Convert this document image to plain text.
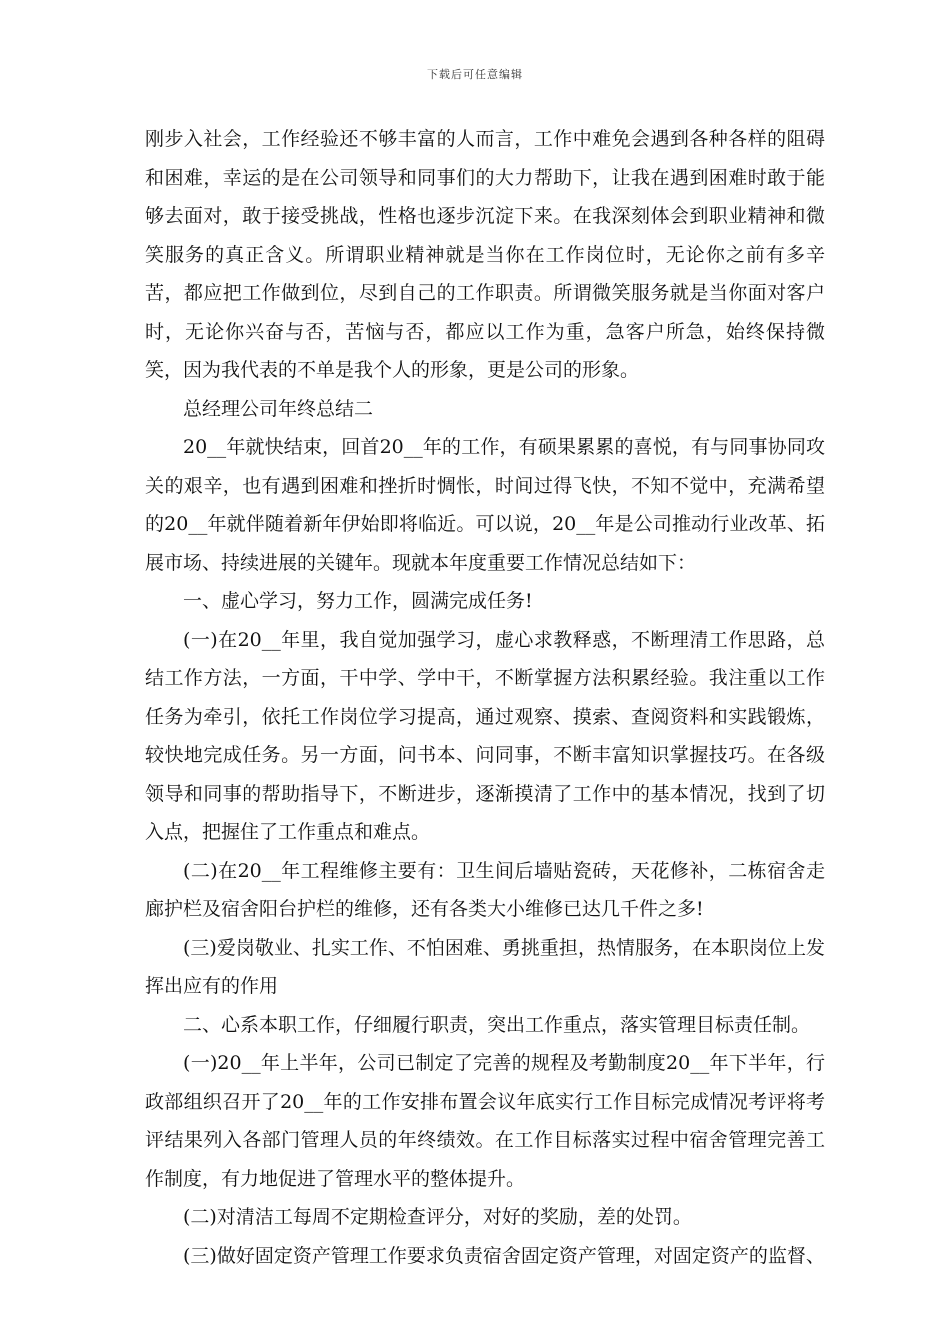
下载后可任意编辑

刚步入社会，工作经验还不够丰富的人而言，工作中难免会遇到各种各样的阻碍和困难，幸运的是在公司领导和同事们的大力帮助下，让我在遇到困难时敢于能够去面对，敢于接受挑战，性格也逐步沉淀下来。在我深刻体会到职业精神和微笑服务的真正含义。所谓职业精神就是当你在工作岗位时，无论你之前有多辛苦，都应把工作做到位，尽到自己的工作职责。所谓微笑服务就是当你面对客户时，无论你兴奋与否，苦恼与否，都应以工作为重，急客户所急，始终保持微笑，因为我代表的不单是我个人的形象，更是公司的形象。

总经理公司年终总结二

20__年就快结束，回首20__年的工作，有硕果累累的喜悦，有与同事协同攻关的艰辛，也有遇到困难和挫折时惆怅，时间过得飞快，不知不觉中，充满希望的20__年就伴随着新年伊始即将临近。可以说，20__年是公司推动行业改革、拓展市场、持续进展的关键年。现就本年度重要工作情况总结如下：

一、虚心学习，努力工作，圆满完成任务!

(一)在20__年里，我自觉加强学习，虚心求教释惑，不断理清工作思路，总结工作方法，一方面，干中学、学中干，不断掌握方法积累经验。我注重以工作任务为牵引，依托工作岗位学习提高，通过观察、摸索、查阅资料和实践锻炼，较快地完成任务。另一方面，问书本、问同事，不断丰富知识掌握技巧。在各级领导和同事的帮助指导下，不断进步，逐渐摸清了工作中的基本情况，找到了切入点，把握住了工作重点和难点。

(二)在20__年工程维修主要有：卫生间后墙贴瓷砖，天花修补，二栋宿舍走廊护栏及宿舍阳台护栏的维修，还有各类大小维修已达几千件之多!

(三)爱岗敬业、扎实工作、不怕困难、勇挑重担，热情服务，在本职岗位上发挥出应有的作用

二、心系本职工作，仔细履行职责，突出工作重点，落实管理目标责任制。

(一)20__年上半年，公司已制定了完善的规程及考勤制度20__年下半年，行政部组织召开了20__年的工作安排布置会议年底实行工作目标完成情况考评将考评结果列入各部门管理人员的年终绩效。在工作目标落实过程中宿舍管理完善工作制度，有力地促进了管理水平的整体提升。

(二)对清洁工每周不定期检查评分，对好的奖励，差的处罚。

(三)做好固定资产管理工作要求负责宿舍固定资产管理，对固定资产的监督、
